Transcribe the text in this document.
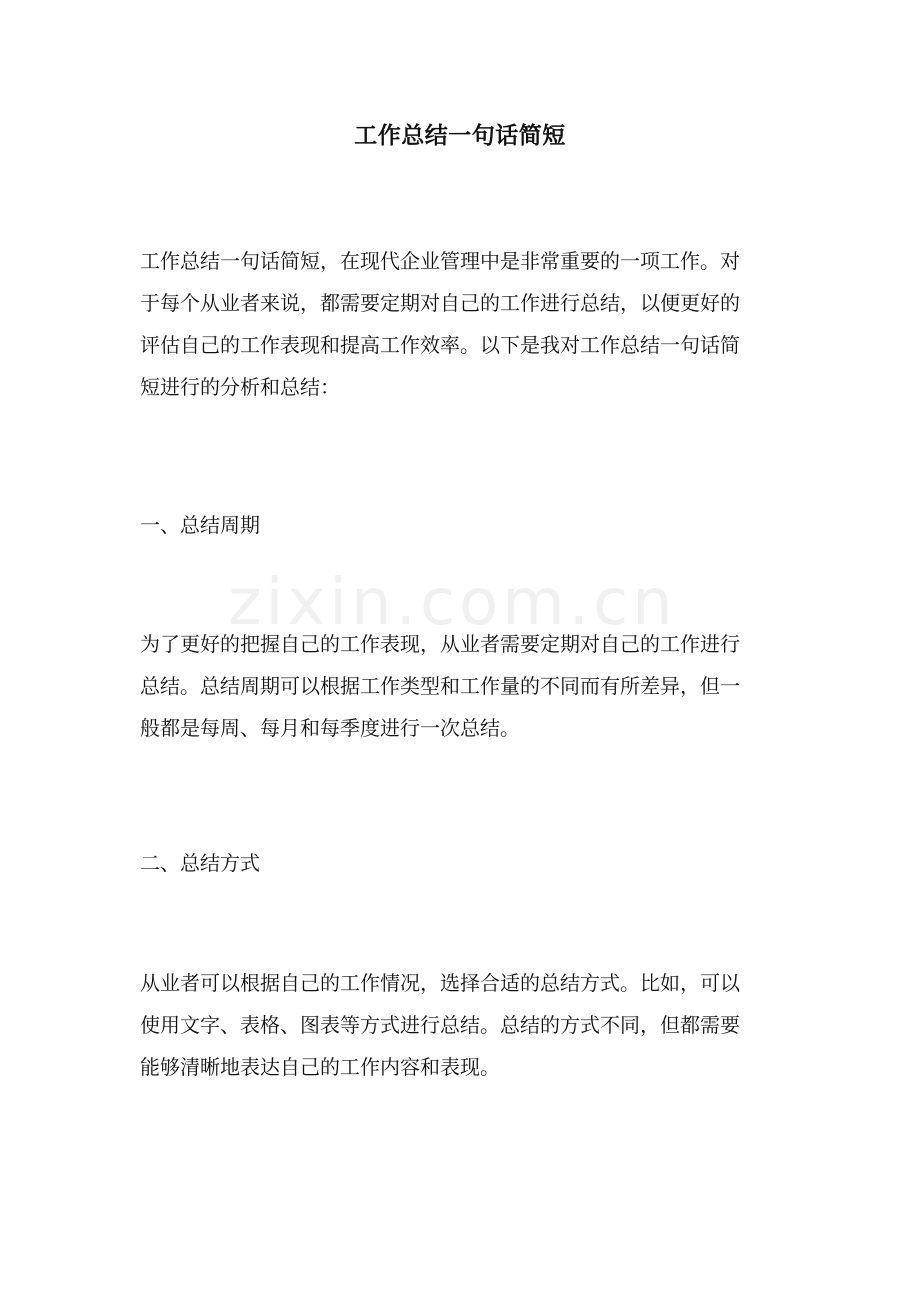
zixin.com.cn
工作总结一句话简短
工作总结一句话简短，在现代企业管理中是非常重要的一项工作。对
于每个从业者来说，都需要定期对自己的工作进行总结，以便更好的
评估自己的工作表现和提高工作效率。以下是我对工作总结一句话简
短进行的分析和总结：
一、总结周期
为了更好的把握自己的工作表现，从业者需要定期对自己的工作进行
总结。总结周期可以根据工作类型和工作量的不同而有所差异，但一
般都是每周、每月和每季度进行一次总结。
二、总结方式
从业者可以根据自己的工作情况，选择合适的总结方式。比如，可以
使用文字、表格、图表等方式进行总结。总结的方式不同，但都需要
能够清晰地表达自己的工作内容和表现。
